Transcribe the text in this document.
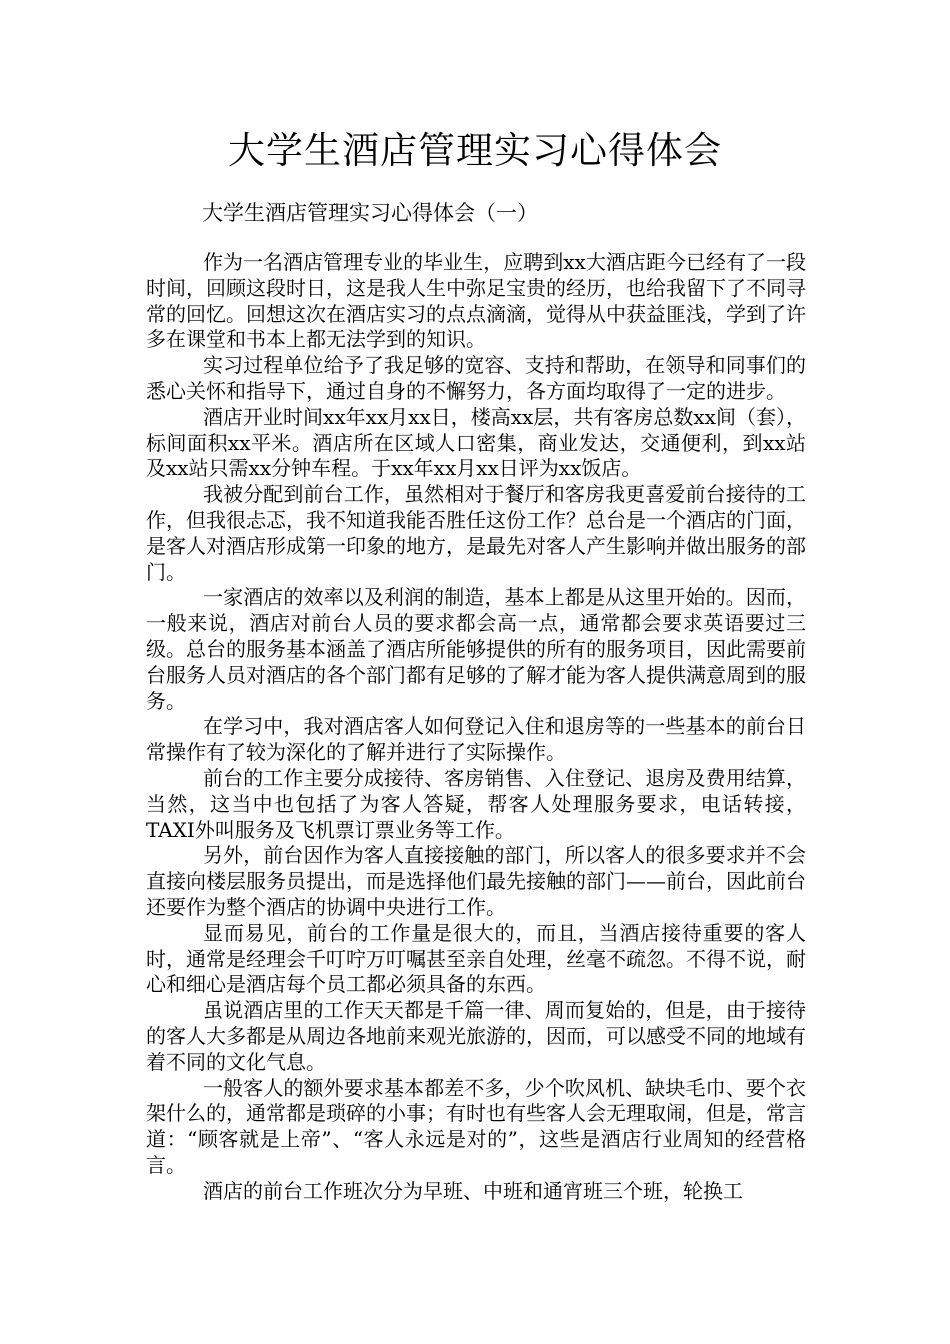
大学生酒店管理实习心得体会

大学生酒店管理实习心得体会（一）

作为一名酒店管理专业的毕业生，应聘到xx大酒店距今已经有了一段时间，回顾这段时日，这是我人生中弥足宝贵的经历，也给我留下了不同寻常的回忆。回想这次在酒店实习的点点滴滴，觉得从中获益匪浅，学到了许多在课堂和书本上都无法学到的知识。

实习过程单位给予了我足够的宽容、支持和帮助，在领导和同事们的悉心关怀和指导下，通过自身的不懈努力，各方面均取得了一定的进步。

酒店开业时间xx年xx月xx日，楼高xx层，共有客房总数xx间（套），标间面积xx平米。酒店所在区域人口密集，商业发达，交通便利，到xx站及xx站只需xx分钟车程。于xx年xx月xx日评为xx饭店。

我被分配到前台工作，虽然相对于餐厅和客房我更喜爱前台接待的工作，但我很忐忑，我不知道我能否胜任这份工作？总台是一个酒店的门面，是客人对酒店形成第一印象的地方，是最先对客人产生影响并做出服务的部门。

一家酒店的效率以及利润的制造，基本上都是从这里开始的。因而，一般来说，酒店对前台人员的要求都会高一点，通常都会要求英语要过三级。总台的服务基本涵盖了酒店所能够提供的所有的服务项目，因此需要前台服务人员对酒店的各个部门都有足够的了解才能为客人提供满意周到的服务。

在学习中，我对酒店客人如何登记入住和退房等的一些基本的前台日常操作有了较为深化的了解并进行了实际操作。

前台的工作主要分成接待、客房销售、入住登记、退房及费用结算，当然，这当中也包括了为客人答疑，帮客人处理服务要求，电话转接，TAXI外叫服务及飞机票订票业务等工作。

另外，前台因作为客人直接接触的部门，所以客人的很多要求并不会直接向楼层服务员提出，而是选择他们最先接触的部门——前台，因此前台还要作为整个酒店的协调中央进行工作。

显而易见，前台的工作量是很大的，而且，当酒店接待重要的客人时，通常是经理会千叮咛万叮嘱甚至亲自处理，丝毫不疏忽。不得不说，耐心和细心是酒店每个员工都必须具备的东西。

虽说酒店里的工作天天都是千篇一律、周而复始的，但是，由于接待的客人大多都是从周边各地前来观光旅游的，因而，可以感受不同的地域有着不同的文化气息。

一般客人的额外要求基本都差不多，少个吹风机、缺块毛巾、要个衣架什么的，通常都是琐碎的小事；有时也有些客人会无理取闹，但是，常言道：“顾客就是上帝”、“客人永远是对的”，这些是酒店行业周知的经营格言。

酒店的前台工作班次分为早班、中班和通宵班三个班，轮换工
